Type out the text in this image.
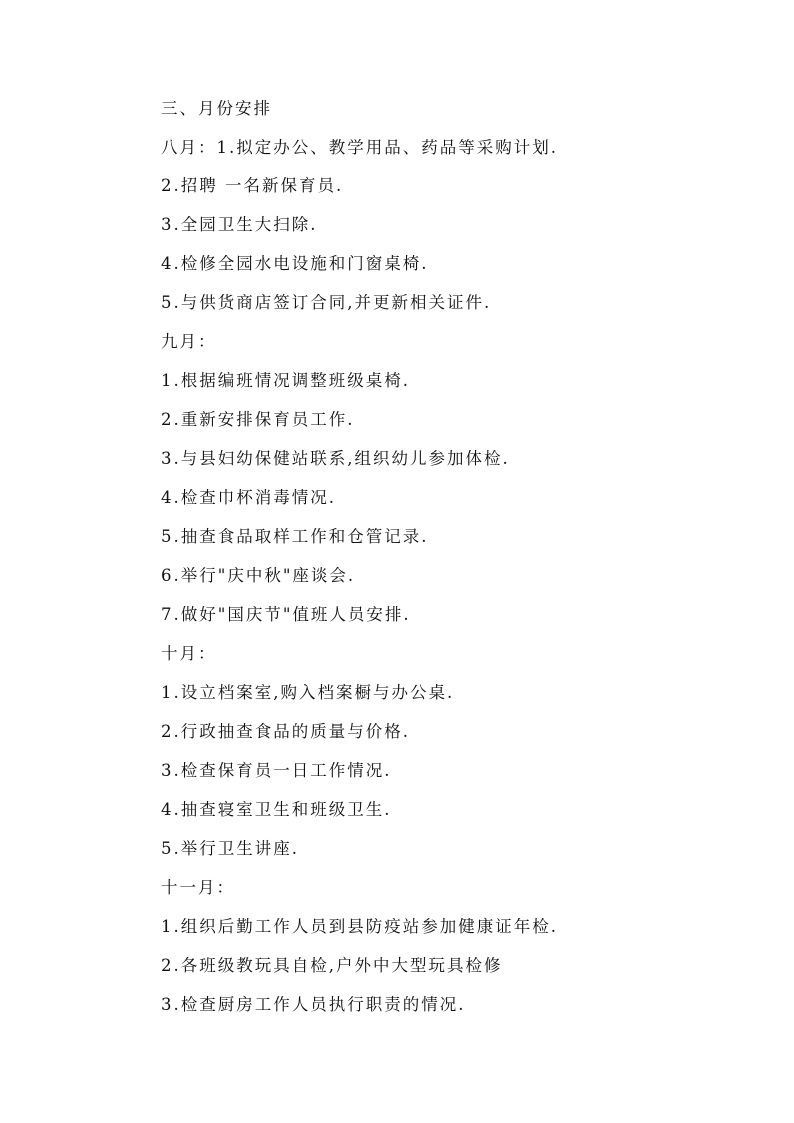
三、月份安排
八月：1.拟定办公、教学用品、药品等采购计划.
2.招聘 一名新保育员.
3.全园卫生大扫除.
4.检修全园水电设施和门窗桌椅.
5.与供货商店签订合同,并更新相关证件.
九月：
1.根据编班情况调整班级桌椅.
2.重新安排保育员工作.
3.与县妇幼保健站联系,组织幼儿参加体检.
4.检查巾杯消毒情况.
5.抽查食品取样工作和仓管记录.
6.举行"庆中秋"座谈会.
7.做好"国庆节"值班人员安排.
十月：
1.设立档案室,购入档案橱与办公桌.
2.行政抽查食品的质量与价格.
3.检查保育员一日工作情况.
4.抽查寝室卫生和班级卫生.
5.举行卫生讲座.
十一月：
1.组织后勤工作人员到县防疫站参加健康证年检.
2.各班级教玩具自检,户外中大型玩具检修
3.检查厨房工作人员执行职责的情况.
